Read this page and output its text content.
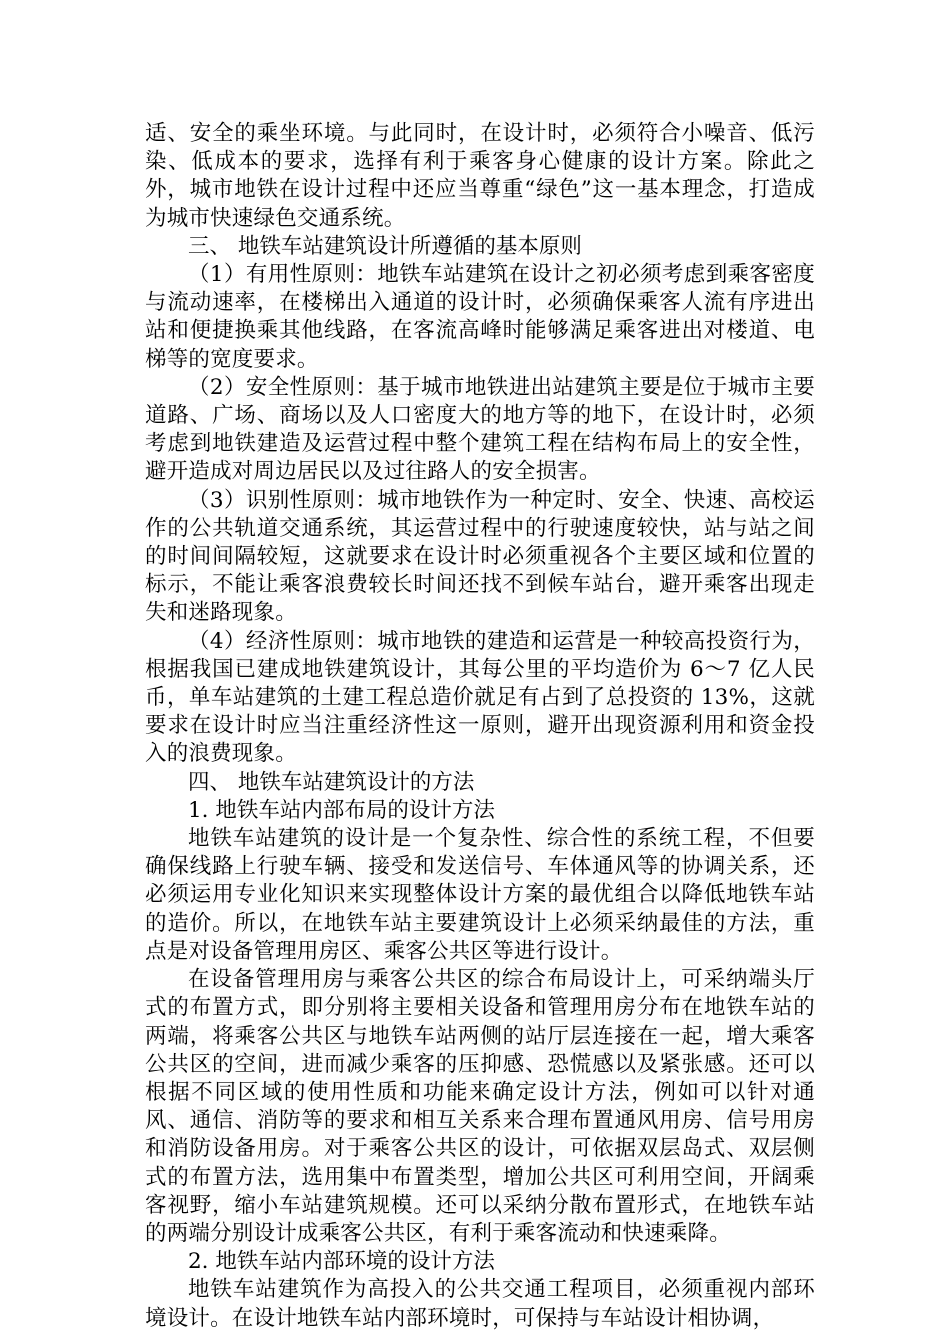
适、安全的乘坐环境。与此同时，在设计时，必须符合小噪音、低污染、低成本的要求，选择有利于乘客身心健康的设计方案。除此之外，城市地铁在设计过程中还应当尊重“绿色”这一基本理念，打造成为城市快速绿色交通系统。

三、 地铁车站建筑设计所遵循的基本原则

（1）有用性原则：地铁车站建筑在设计之初必须考虑到乘客密度与流动速率，在楼梯出入通道的设计时，必须确保乘客人流有序进出站和便捷换乘其他线路，在客流高峰时能够满足乘客进出对楼道、电梯等的宽度要求。

（2）安全性原则：基于城市地铁进出站建筑主要是位于城市主要道路、广场、商场以及人口密度大的地方等的地下，在设计时，必须考虑到地铁建造及运营过程中整个建筑工程在结构布局上的安全性，避开造成对周边居民以及过往路人的安全损害。

（3）识别性原则：城市地铁作为一种定时、安全、快速、高校运作的公共轨道交通系统，其运营过程中的行驶速度较快，站与站之间的时间间隔较短，这就要求在设计时必须重视各个主要区域和位置的标示，不能让乘客浪费较长时间还找不到候车站台，避开乘客出现走失和迷路现象。

（4）经济性原则：城市地铁的建造和运营是一种较高投资行为，根据我国已建成地铁建筑设计，其每公里的平均造价为 6～7 亿人民币，单车站建筑的土建工程总造价就足有占到了总投资的 13%，这就要求在设计时应当注重经济性这一原则，避开出现资源利用和资金投入的浪费现象。

四、 地铁车站建筑设计的方法

1. 地铁车站内部布局的设计方法

地铁车站建筑的设计是一个复杂性、综合性的系统工程，不但要确保线路上行驶车辆、接受和发送信号、车体通风等的协调关系，还必须运用专业化知识来实现整体设计方案的最优组合以降低地铁车站的造价。所以，在地铁车站主要建筑设计上必须采纳最佳的方法，重点是对设备管理用房区、乘客公共区等进行设计。

在设备管理用房与乘客公共区的综合布局设计上，可采纳端头厅式的布置方式，即分别将主要相关设备和管理用房分布在地铁车站的两端，将乘客公共区与地铁车站两侧的站厅层连接在一起，增大乘客公共区的空间，进而减少乘客的压抑感、恐慌感以及紧张感。还可以根据不同区域的使用性质和功能来确定设计方法，例如可以针对通风、通信、消防等的要求和相互关系来合理布置通风用房、信号用房和消防设备用房。对于乘客公共区的设计，可依据双层岛式、双层侧式的布置方法，选用集中布置类型，增加公共区可利用空间，开阔乘客视野，缩小车站建筑规模。还可以采纳分散布置形式，在地铁车站的两端分别设计成乘客公共区，有利于乘客流动和快速乘降。

2. 地铁车站内部环境的设计方法

地铁车站建筑作为高投入的公共交通工程项目，必须重视内部环境设计。在设计地铁车站内部环境时，可保持与车站设计相协调，
